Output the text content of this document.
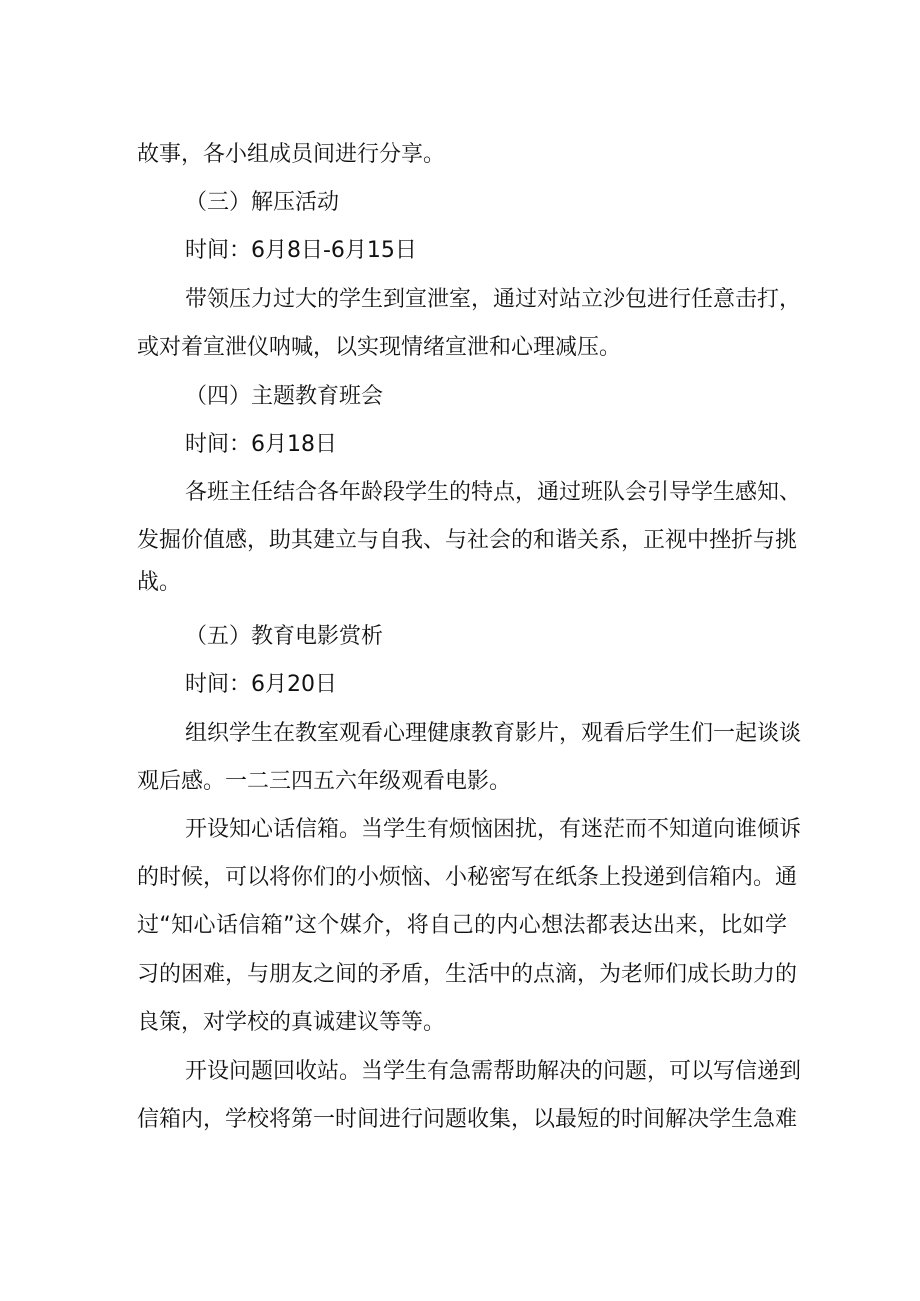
故事，各小组成员间进行分享。
（三）解压活动
时间：6月8日-6月15日
带领压力过大的学生到宣泄室，通过对站立沙包进行任意击打，
或对着宣泄仪呐喊，以实现情绪宣泄和心理减压。
（四）主题教育班会
时间：6月18日
各班主任结合各年龄段学生的特点，通过班队会引导学生感知、
发掘价值感，助其建立与自我、与社会的和谐关系，正视中挫折与挑
战。
（五）教育电影赏析
时间：6月20日
组织学生在教室观看心理健康教育影片，观看后学生们一起谈谈
观后感。一二三四五六年级观看电影。
开设知心话信箱。当学生有烦恼困扰，有迷茫而不知道向谁倾诉
的时候，可以将你们的小烦恼、小秘密写在纸条上投递到信箱内。通
过“知心话信箱”这个媒介，将自己的内心想法都表达出来，比如学
习的困难，与朋友之间的矛盾，生活中的点滴，为老师们成长助力的
良策，对学校的真诚建议等等。
开设问题回收站。当学生有急需帮助解决的问题，可以写信递到
信箱内，学校将第一时间进行问题收集，以最短的时间解决学生急难
